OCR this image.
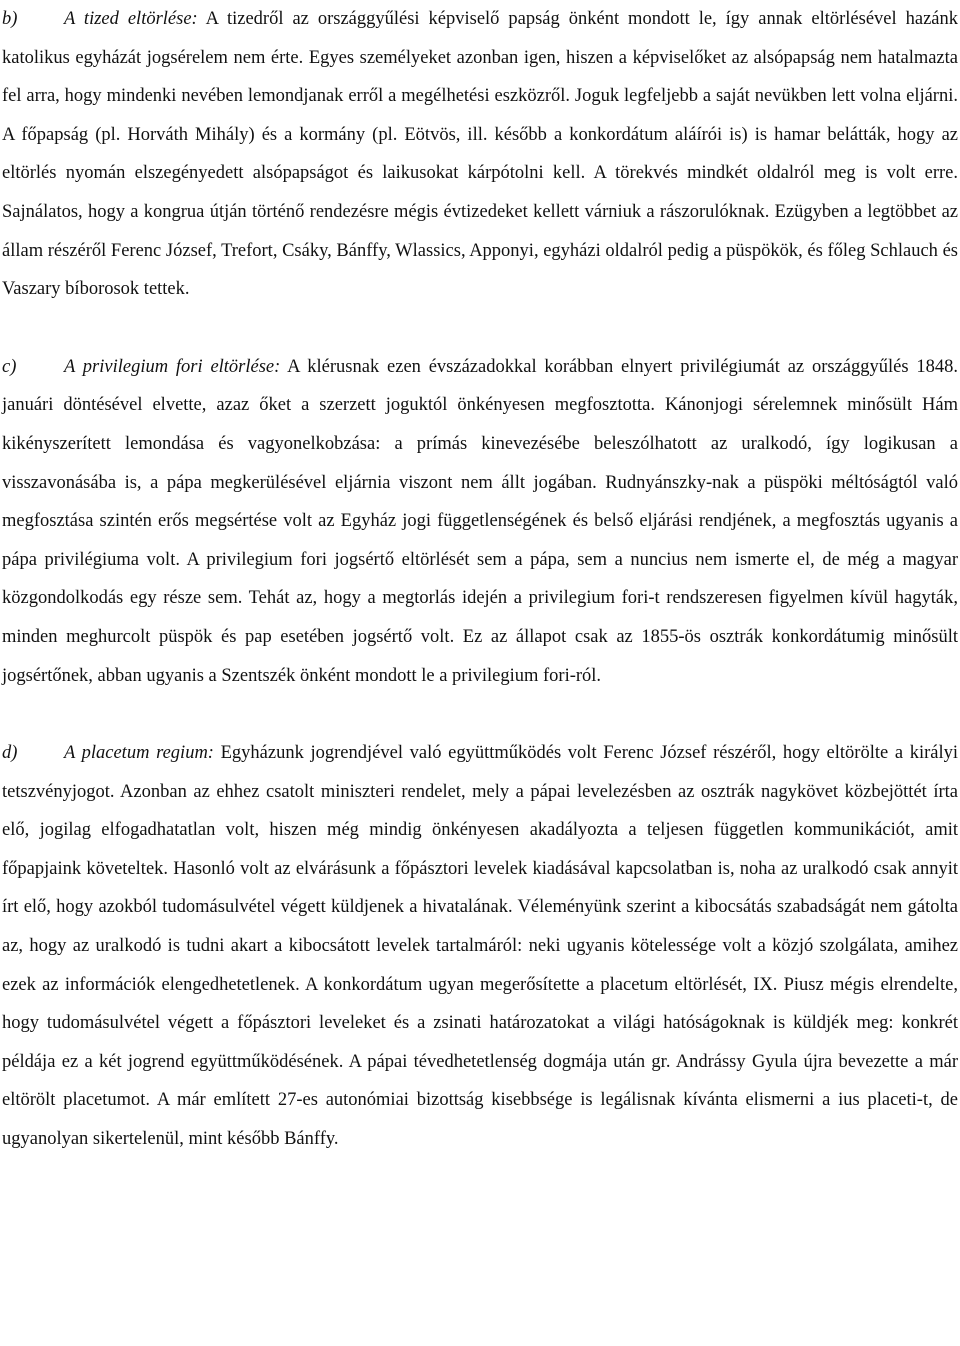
b)	A tized eltörlése: A tizedről az országgyűlési képviselő papság önként mondott le, így annak eltörlésével hazánk katolikus egyházát jogsérelem nem érte. Egyes személyeket azonban igen, hiszen a képviselőket az alsópapság nem hatalmazta fel arra, hogy mindenki nevében lemondjanak erről a megélhetési eszközről. Joguk legfeljebb a saját nevükben lett volna eljárni. A főpapság (pl. Horváth Mihály) és a kormány (pl. Eötvös, ill. később a konkordátum aláírói is) is hamar belátták, hogy az eltörlés nyomán elszegényedett alsópapságot és laikusokat kárpótolni kell. A törekvés mindkét oldalról meg is volt erre. Sajnálatos, hogy a kongrua útján történő rendezésre mégis évtizedeket kellett várniuk a rászorulóknak. Ezügyben a legtöbbet az állam részéről Ferenc József, Trefort, Csáky, Bánffy, Wlassics, Apponyi, egyházi oldalról pedig a püspökök, és főleg Schlauch és Vaszary bíborosok tettek.

c)	A privilegium fori eltörlése: A klérusnak ezen évszázadokkal korábban elnyert privilégiumát az országgyűlés 1848. januári döntésével elvette, azaz őket a szerzett joguktól önkényesen megfosztotta. Kánonjogi sérelemnek minősült Hám kikényszerített lemondása és vagyonelkobzása: a prímás kinevezésébe beleszólhatott az uralkodó, így logikusan a visszavonásába is, a pápa megkerülésével eljárnia viszont nem állt jogában. Rudnyánszky-nak a püspöki méltóságtól való megfosztása szintén erős megsértése volt az Egyház jogi függetlenségének és belső eljárási rendjének, a megfosztás ugyanis a pápa privilégiuma volt. A privilegium fori jogsértő eltörlését sem a pápa, sem a nuncius nem ismerte el, de még a magyar közgondolkodás egy része sem. Tehát az, hogy a megtorlás idején a privilegium fori-t rendszeresen figyelmen kívül hagyták, minden meghurcolt püspök és pap esetében jogsértő volt. Ez az állapot csak az 1855-ös osztrák konkordátumig minősült jogsértőnek, abban ugyanis a Szentszék önként mondott le a privilegium fori-ról.

d)	A placetum regium: Egyházunk jogrendjével való együttműködés volt Ferenc József részéről, hogy eltörölte a királyi tetszvényjogot. Azonban az ehhez csatolt miniszteri rendelet, mely a pápai levelezésben az osztrák nagykövet közbejöttét írta elő, jogilag elfogadhatatlan volt, hiszen még mindig önkényesen akadályozta a teljesen független kommunikációt, amit főpapjaink követeltek. Hasonló volt az elvárásunk a főpásztori levelek kiadásával kapcsolatban is, noha az uralkodó csak annyit írt elő, hogy azokból tudomásulvétel végett küldjenek a hivatalának. Véleményünk szerint a kibocsátás szabadságát nem gátolta az, hogy az uralkodó is tudni akart a kibocsátott levelek tartalmáról: neki ugyanis kötelessége volt a közjó szolgálata, amihez ezek az információk elengedhetetlenek. A konkordátum ugyan megerősítette a placetum eltörlését, IX. Piusz mégis elrendelte, hogy tudomásulvétel végett a főpásztori leveleket és a zsinati határozatokat a világi hatóságoknak is küldjék meg: konkrét példája ez a két jogrend együttműködésének. A pápai tévedhetetlenség dogmája után gr. Andrássy Gyula újra bevezette a már eltörölt placetumot. A már említett 27-es autonómiai bizottság kisebbsége is legálisnak kívánta elismerni a ius placeti-t, de ugyanolyan sikertelenül, mint később Bánffy.
